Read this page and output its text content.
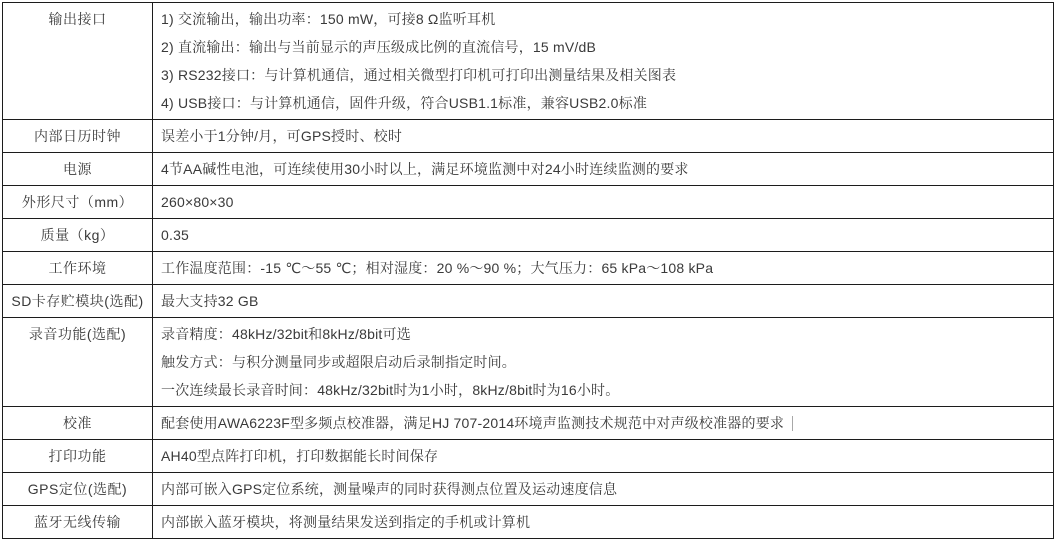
输出接口	1) 交流输出，输出功率：150 mW，可接8 Ω监听耳机
2) 直流输出：输出与当前显示的声压级成比例的直流信号，15 mV/dB
3) RS232接口：与计算机通信，通过相关微型打印机可打印出测量结果及相关图表
4) USB接口：与计算机通信，固件升级，符合USB1.1标准，兼容USB2.0标准
内部日历时钟	误差小于1分钟/月，可GPS授时、校时
电源	4节AA碱性电池，可连续使用30小时以上，满足环境监测中对24小时连续监测的要求
外形尺寸（mm）	260×80×30
质量（kg）	0.35
工作环境	工作温度范围：-15 ℃～55 ℃；相对湿度：20 %～90 %；大气压力：65 kPa～108 kPa
SD卡存贮模块(选配)	最大支持32 GB
录音功能(选配)	录音精度：48kHz/32bit和8kHz/8bit可选
触发方式：与积分测量同步或超限启动后录制指定时间。
一次连续最长录音时间：48kHz/32bit时为1小时，8kHz/8bit时为16小时。
校准	配套使用AWA6223F型多频点校准器，满足HJ 707-2014环境声监测技术规范中对声级校准器的要求
打印功能	AH40型点阵打印机，打印数据能长时间保存
GPS定位(选配)	内部可嵌入GPS定位系统，测量噪声的同时获得测点位置及运动速度信息
蓝牙无线传输	内部嵌入蓝牙模块，将测量结果发送到指定的手机或计算机
